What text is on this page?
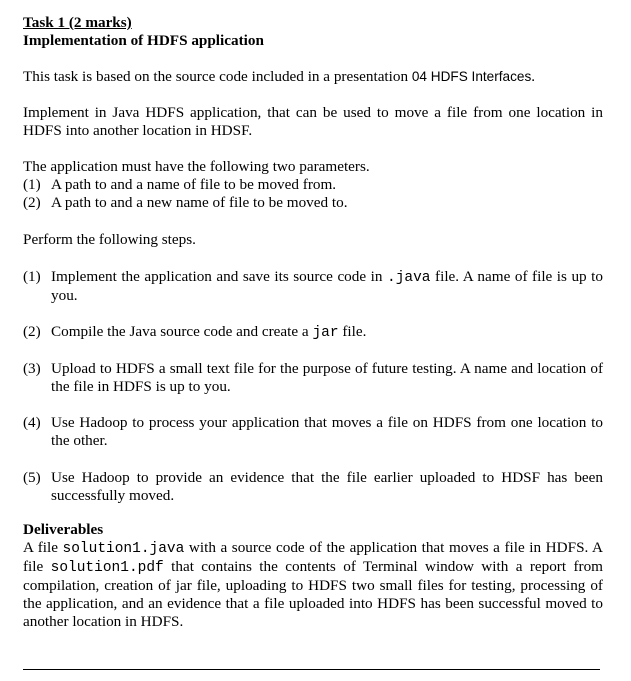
Task 1 (2 marks)
Implementation of HDFS application

This task is based on the source code included in a presentation 04 HDFS Interfaces.

Implement in Java HDFS application, that can be used to move a file from one location in HDFS into another location in HDSF.

The application must have the following two parameters.

(1) A path to and a name of file to be moved from.
(2) A path to and a new name of file to be moved to.

Perform the following steps.

(1) Implement the application and save its source code in .java file. A name of file is up to you.
(2) Compile the Java source code and create a jar file.
(3) Upload to HDFS a small text file for the purpose of future testing. A name and location of the file in HDFS is up to you.
(4) Use Hadoop to process your application that moves a file on HDFS from one location to the other.
(5) Use Hadoop to provide an evidence that the file earlier uploaded to HDSF has been successfully moved.
Deliverables

A file solution1.java with a source code of the application that moves a file in HDFS. A file solution1.pdf that contains the contents of Terminal window with a report from compilation, creation of jar file, uploading to HDFS two small files for testing, processing of the application, and an evidence that a file uploaded into HDFS has been successful moved to another location in HDFS.
